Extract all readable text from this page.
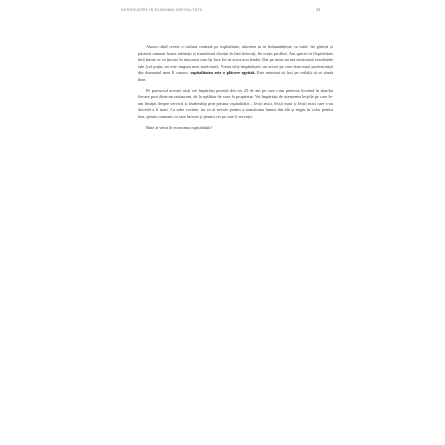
INTRODUCERE ÎN ECONOMIA OSPITALITĂȚII	23

Atunci când creezi o cultură centrată pe ospitalitate, afacerea ta se îmbunătățește cu totul: fie găsești și păstrezi oameni foarte talentați și transformi clienții în fani înfocați, fie crești profitul. Am sperat că Ospitalitate fără limite se va inscrie în mișcarea care își face loc în acest nou leader. Dar pe mine nu mă motivează rezultatele tale (cel puțin, nu este singura mea motivație). Vreau să-ți împărtășesc un secret pe care doar mari profesioniști din domeniul meu îl cunosc: ospitalitatea este o plăcere egoistă. Este minunat să faci pe ceilalți să se simtă bine.

Pe parcursul acestei cărți vei împărtăși povești din cei 25 de ani pe care i-am petrecut lucrând în absolut fiecare post dintr-un restaurant, de la spălător de vase la proprietar. Vei împărtăși de asemenea lecțiile pe care le-am învățat despre servicii și leadership prin prisma ospitalității – lecții mici, lecții mari și lecții mici care s-au dovedit a fi mari. Ca sabe covinte, tot ce ai nevoie pentru a transforma lumea din alb și negru în color pentru tine, pentru oamenii cu care lucrezi și pentru cei pe care îi servești.

Bine ai venit în economia ospitalității!
